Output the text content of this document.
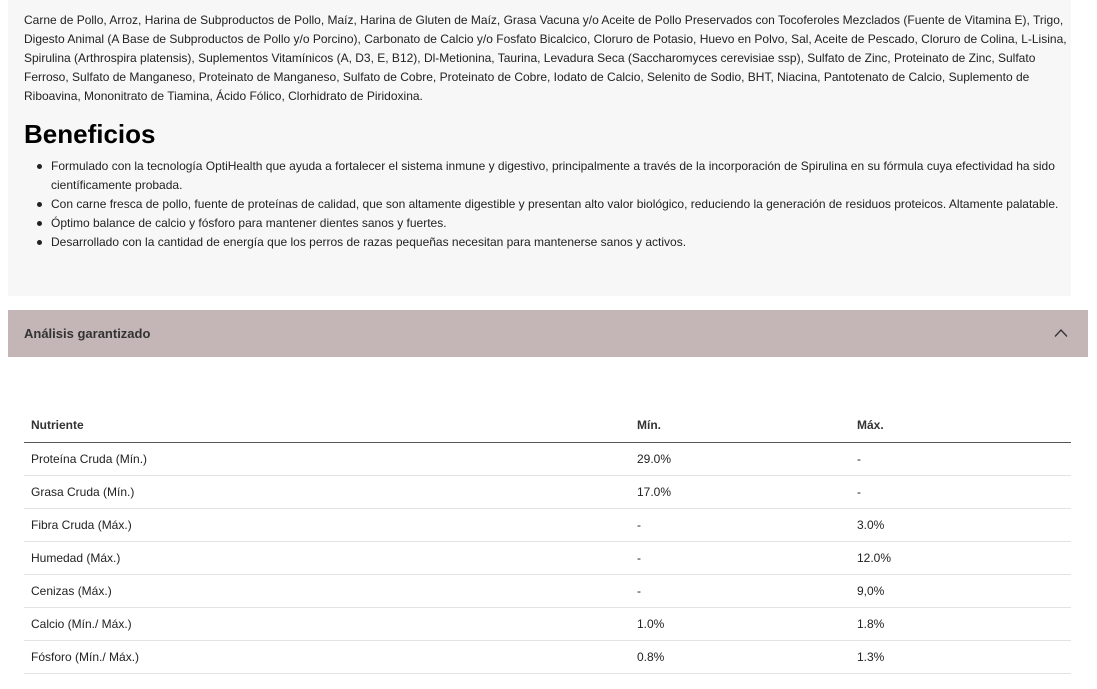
Carne de Pollo, Arroz, Harina de Subproductos de Pollo, Maíz, Harina de Gluten de Maíz, Grasa Vacuna y/o Aceite de Pollo Preservados con Tocoferoles Mezclados (Fuente de Vitamina E), Trigo, Digesto Animal (A Base de Subproductos de Pollo y/o Porcino), Carbonato de Calcio y/o Fosfato Bicalcico, Cloruro de Potasio, Huevo en Polvo, Sal, Aceite de Pescado, Cloruro de Colina, L-Lisina, Spirulina (Arthrospira platensis), Suplementos Vitamínicos (A, D3, E, B12), Dl-Metionina, Taurina, Levadura Seca (Saccharomyces cerevisiae ssp), Sulfato de Zinc, Proteinato de Zinc, Sulfato Ferroso, Sulfato de Manganeso, Proteinato de Manganeso, Sulfato de Cobre, Proteinato de Cobre, Iodato de Calcio, Selenito de Sodio, BHT, Niacina, Pantotenato de Calcio, Suplemento de Riboavina, Mononitrato de Tiamina, Ácido Fólico, Clorhidrato de Piridoxina.

Beneficios
Formulado con la tecnología OptiHealth que ayuda a fortalecer el sistema inmune y digestivo, principalmente a través de la incorporación de Spirulina en su fórmula cuya efectividad ha sido científicamente probada.
Con carne fresca de pollo, fuente de proteínas de calidad, que son altamente digestible y presentan alto valor biológico, reduciendo la generación de residuos proteicos. Altamente palatable.
Óptimo balance de calcio y fósforo para mantener dientes sanos y fuertes.
Desarrollado con la cantidad de energía que los perros de razas pequeñas necesitan para mantenerse sanos y activos.
Análisis garantizado
Nutriente	Mín.	Máx.
Proteína Cruda (Mín.)	29.0%	-
Grasa Cruda (Mín.)	17.0%	-
Fibra Cruda (Máx.)	-	3.0%
Humedad (Máx.)	-	12.0%
Cenizas (Máx.)	-	9,0%
Calcio (Mín./ Máx.)	1.0%	1.8%
Fósforo (Mín./ Máx.)	0.8%	1.3%
